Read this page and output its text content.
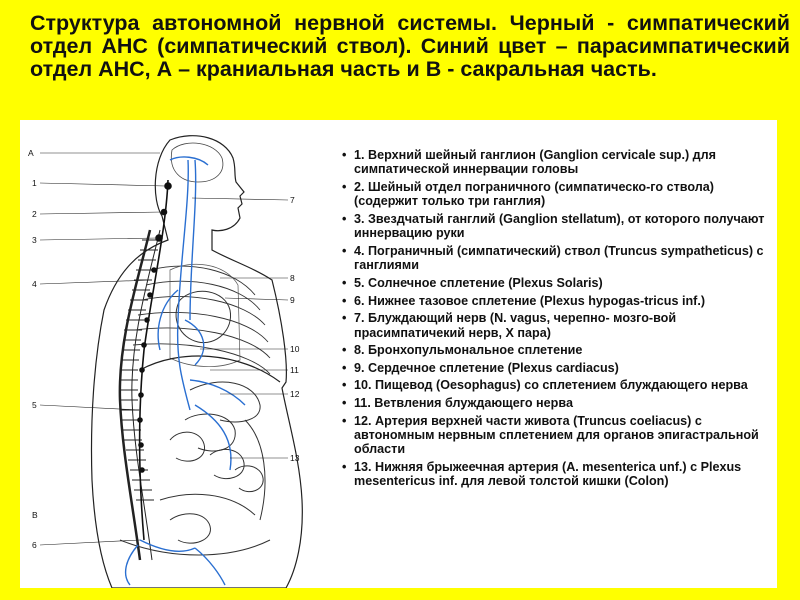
Структура автономной нервной системы. Черный - симпатический отдел АНС (симпатический ствол). Синий цвет – парасимпатический отдел АНС, А – краниальная часть и В - сакральная часть.
A
1
2
3
4
5
B
6
7
8
9
10
11
12
13
• 1. Верхний шейный ганглион (Ganglion cervicale sup.) для симпатической иннервации головы
• 2. Шейный отдел пограничного (симпатическо-го ствола) (содержит только три ганглия)
• 3. Звездчатый ганглий (Ganglion stellatum), от которого получают иннервацию руки
• 4. Пограничный (симпатический) ствол (Truncus sympatheticus) с ганглиями
• 5. Солнечное сплетение (Plexus Solaris)
• 6. Нижнее тазовое сплетение (Plexus hypogas-tricus inf.)
• 7. Блуждающий нерв (N. vagus, черепно- мозго-вой прасимпатичекий нерв, X пара)
• 8. Бронхопульмональное сплетение
• 9. Сердечное сплетение (Plexus cardiacus)
• 10. Пищевод (Oesophagus) со сплетением блуждающего нерва
• 11. Ветвления блуждающего нерва
• 12. Артерия верхней части живота (Truncus coeliacus) с автономным нервным сплетением для органов эпигастральной области
• 13. Нижняя брыжеечная артерия (A. mesenterica unf.) с Plexus mesentericus inf. для левой толстой кишки (Colon)
